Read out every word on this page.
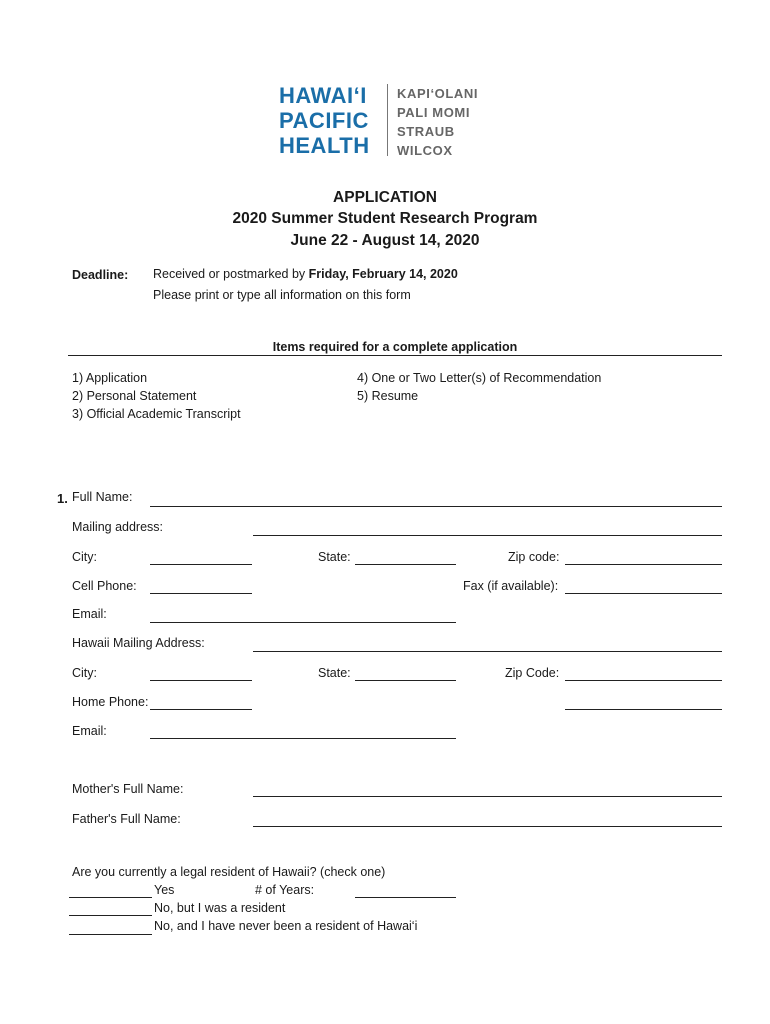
HAWAI‘I
PACIFIC
HEALTH
KAPI‘OLANI
PALI MOMI
STRAUB
WILCOX
APPLICATION
2020 Summer Student Research Program
June 22 - August 14, 2020
Deadline: Received or postmarked by Friday, February 14, 2020
Please print or type all information on this form
Items required for a complete application
1) Application
2) Personal Statement
3) Official Academic Transcript
4) One or Two Letter(s) of Recommendation
5) Resume
1. Full Name:
Mailing address:
City:	State:	Zip code:
Cell Phone:	Fax (if available):
Email:
Hawaii Mailing Address:
City:	State:	Zip Code:
Home Phone:
Email:
Mother's Full Name:
Father's Full Name:
Are you currently a legal resident of Hawaii? (check one)
Yes	# of Years:
No, but I was a resident
No, and I have never been a resident of Hawai‘i
